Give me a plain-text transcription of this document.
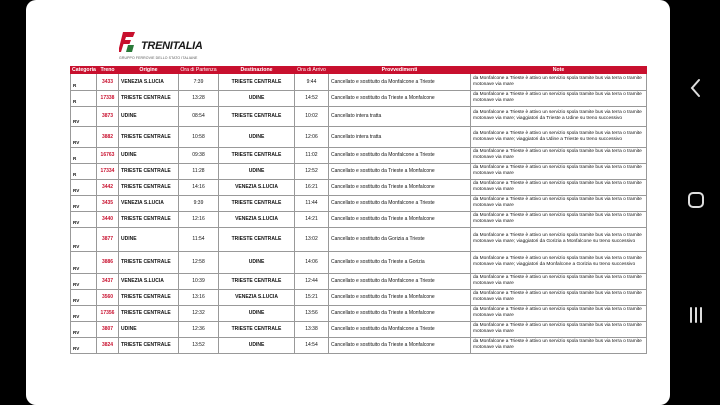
TRENITALIA
GRUPPO FERROVIE DELLO STATO ITALIANE
Categoria	Treno	Origine	Ora di Partenza	Destinazione	Ora di Arrivo	Provvedimenti	Note
R	3433	VENEZIA S.LUCIA	7:39	TRIESTE CENTRALE	9:44	Cancellato e sostituito da Monfalcone a Trieste	da Monfalcone a Trieste è attivo un servizio spola tramite bus via terra o tramite motonave via mare
R	17338	TRIESTE CENTRALE	13:28	UDINE	14:52	Cancellato e sostituito da Trieste a Monfalcone	da Monfalcone a Trieste è attivo un servizio spola tramite bus via terra o tramite motonave via mare
RV	3873	UDINE	08:54	TRIESTE CENTRALE	10:02	Cancellato intera tratta	da Monfalcone a Trieste è attivo un servizio spola tramite bus via terra o tramite motonave via mare; viaggiatori da Trieste a Udine su treno successivo
RV	3882	TRIESTE CENTRALE	10:58	UDINE	12:06	Cancellato intera tratta	da Monfalcone a Trieste è attivo un servizio spola tramite bus via terra o tramite motonave via mare; viaggiatori da Udine a Trieste su treno successivo
R	16763	UDINE	09:38	TRIESTE CENTRALE	11:02	Cancellato e sostituito da Monfalcone a Trieste	da Monfalcone a Trieste è attivo un servizio spola tramite bus via terra o tramite motonave via mare
R	17334	TRIESTE CENTRALE	11:28	UDINE	12:52	Cancellato e sostituito da Trieste a Monfalcone	da Monfalcone a Trieste è attivo un servizio spola tramite bus via terra o tramite motonave via mare
RV	3442	TRIESTE CENTRALE	14:16	VENEZIA S.LUCIA	16:21	Cancellato e sostituito da Trieste a Monfalcone	da Monfalcone a Trieste è attivo un servizio spola tramite bus via terra o tramite motonave via mare
RV	3435	VENEZIA S.LUCIA	9:39	TRIESTE CENTRALE	11:44	Cancellato e sostituito da Monfalcone a Trieste	da Monfalcone a Trieste è attivo un servizio spola tramite bus via terra o tramite motonave via mare
RV	3440	TRIESTE CENTRALE	12:16	VENEZIA S.LUCIA	14:21	Cancellato e sostituito da Trieste a Monfalcone	da Monfalcone a Trieste è attivo un servizio spola tramite bus via terra o tramite motonave via mare
RV	3877	UDINE	11:54	TRIESTE CENTRALE	13:02	Cancellato e sostituito da Gorizia a Trieste	da Monfalcone a Trieste è attivo un servizio spola tramite bus via terra o tramite motonave via mare; viaggiatori da Gorizia a Monfalcone su treno successivo
RV	3886	TRIESTE CENTRALE	12:58	UDINE	14:06	Cancellato e sostituito da Trieste a Gorizia	da Monfalcone a Trieste è attivo un servizio spola tramite bus via terra o tramite motonave via mare; viaggiatori da Monfalcone a Gorizia su treno successivo
RV	3437	VENEZIA S.LUCIA	10:39	TRIESTE CENTRALE	12:44	Cancellato e sostituito da Monfalcone a Trieste	da Monfalcone a Trieste è attivo un servizio spola tramite bus via terra o tramite motonave via mare
RV	3560	TRIESTE CENTRALE	13:16	VENEZIA S.LUCIA	15:21	Cancellato e sostituito da Trieste a Monfalcone	da Monfalcone a Trieste è attivo un servizio spola tramite bus via terra o tramite motonave via mare
RV	17356	TRIESTE CENTRALE	12:32	UDINE	13:56	Cancellato e sostituito da Trieste a Monfalcone	da Monfalcone a Trieste è attivo un servizio spola tramite bus via terra o tramite motonave via mare
RV	3807	UDINE	12:36	TRIESTE CENTRALE	13:38	Cancellato e sostituito da Monfalcone a Trieste	da Monfalcone a Trieste è attivo un servizio spola tramite bus via terra o tramite motonave via mare
RV	3824	TRIESTE CENTRALE	13:52	UDINE	14:54	Cancellato e sostituito da Trieste a Monfalcone	da Monfalcone a Trieste è attivo un servizio spola tramite bus via terra o tramite motonave via mare
